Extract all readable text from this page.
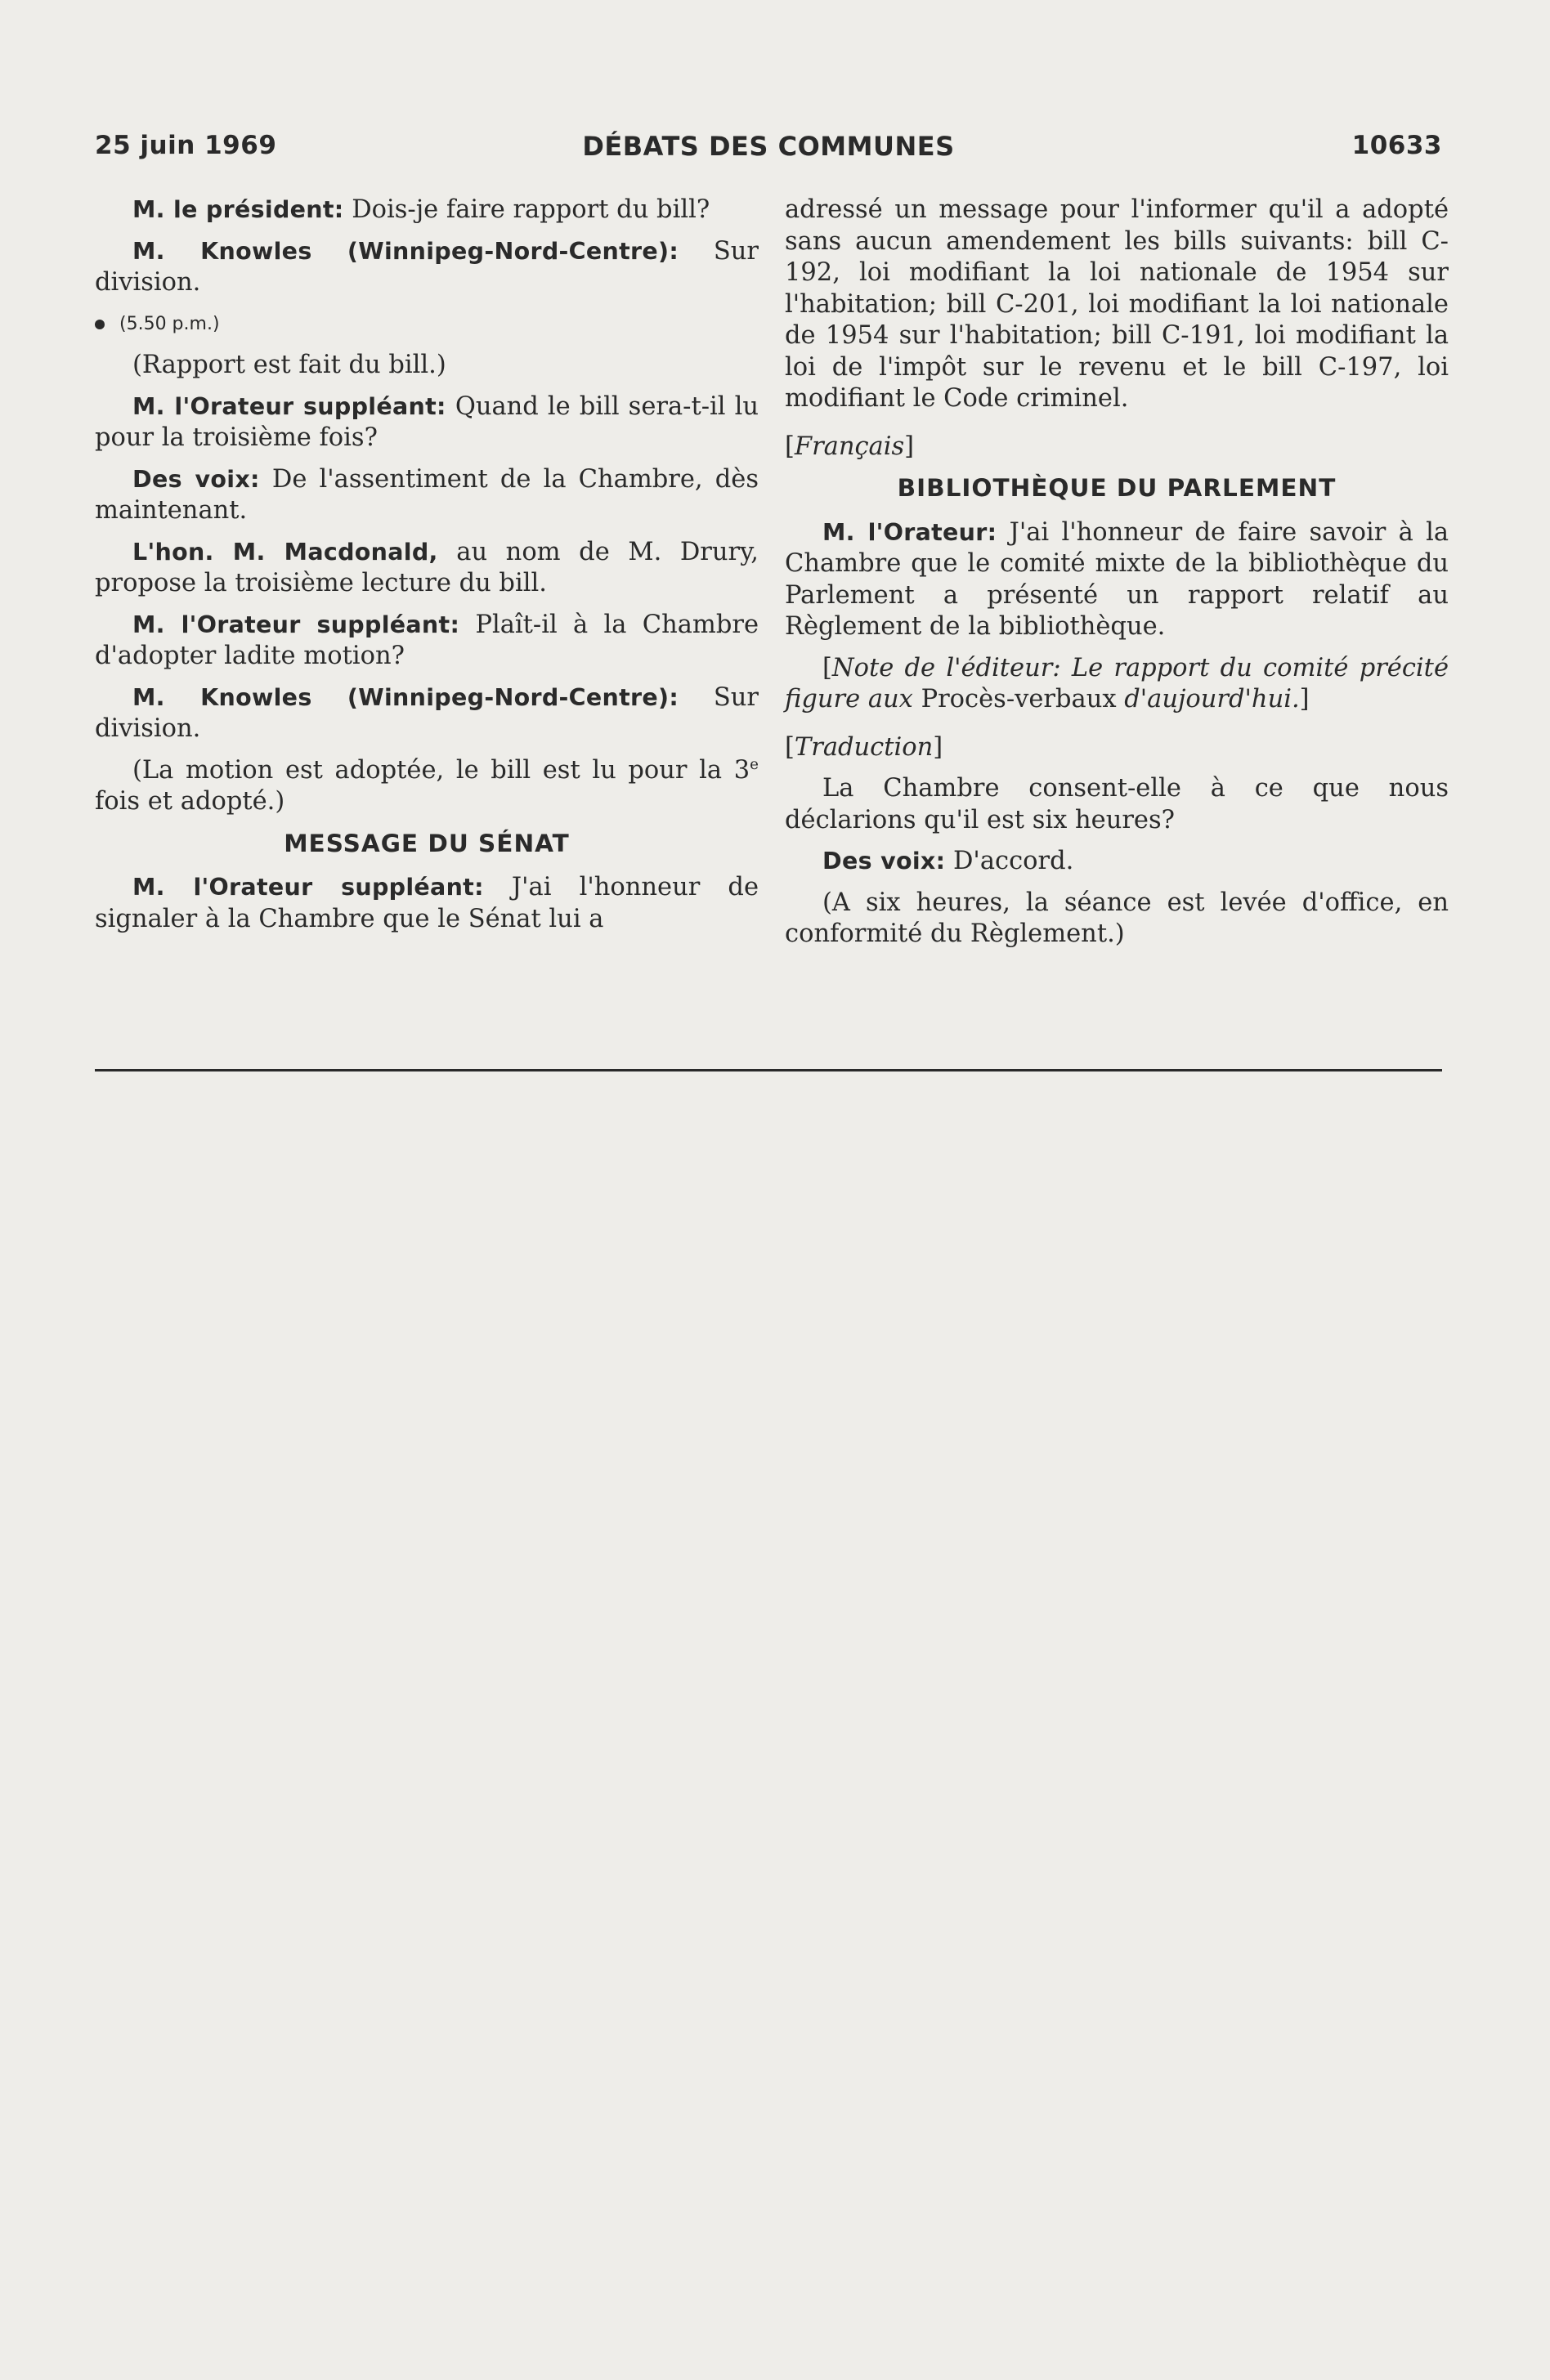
25 juin 1969	DÉBATS DES COMMUNES	10633

M. le président: Dois-je faire rapport du bill?

M. Knowles (Winnipeg-Nord-Centre): Sur division.

(5.50 p.m.)

(Rapport est fait du bill.)

M. l'Orateur suppléant: Quand le bill sera-t-il lu pour la troisième fois?

Des voix: De l'assentiment de la Chambre, dès maintenant.

L'hon. M. Macdonald, au nom de M. Drury, propose la troisième lecture du bill.

M. l'Orateur suppléant: Plaît-il à la Chambre d'adopter ladite motion?

M. Knowles (Winnipeg-Nord-Centre): Sur division.

(La motion est adoptée, le bill est lu pour la 3e fois et adopté.)

MESSAGE DU SÉNAT

M. l'Orateur suppléant: J'ai l'honneur de signaler à la Chambre que le Sénat lui a

adressé un message pour l'informer qu'il a adopté sans aucun amendement les bills suivants: bill C-192, loi modifiant la loi nationale de 1954 sur l'habitation; bill C-201, loi modifiant la loi nationale de 1954 sur l'habitation; bill C-191, loi modifiant la loi de l'impôt sur le revenu et le bill C-197, loi modifiant le Code criminel.

[Français]

BIBLIOTHÈQUE DU PARLEMENT

M. l'Orateur: J'ai l'honneur de faire savoir à la Chambre que le comité mixte de la bibliothèque du Parlement a présenté un rapport relatif au Règlement de la bibliothèque.

[Note de l'éditeur: Le rapport du comité précité figure aux Procès-verbaux d'aujourd'hui.]

[Traduction]

La Chambre consent-elle à ce que nous déclarions qu'il est six heures?

Des voix: D'accord.

(A six heures, la séance est levée d'office, en conformité du Règlement.)
